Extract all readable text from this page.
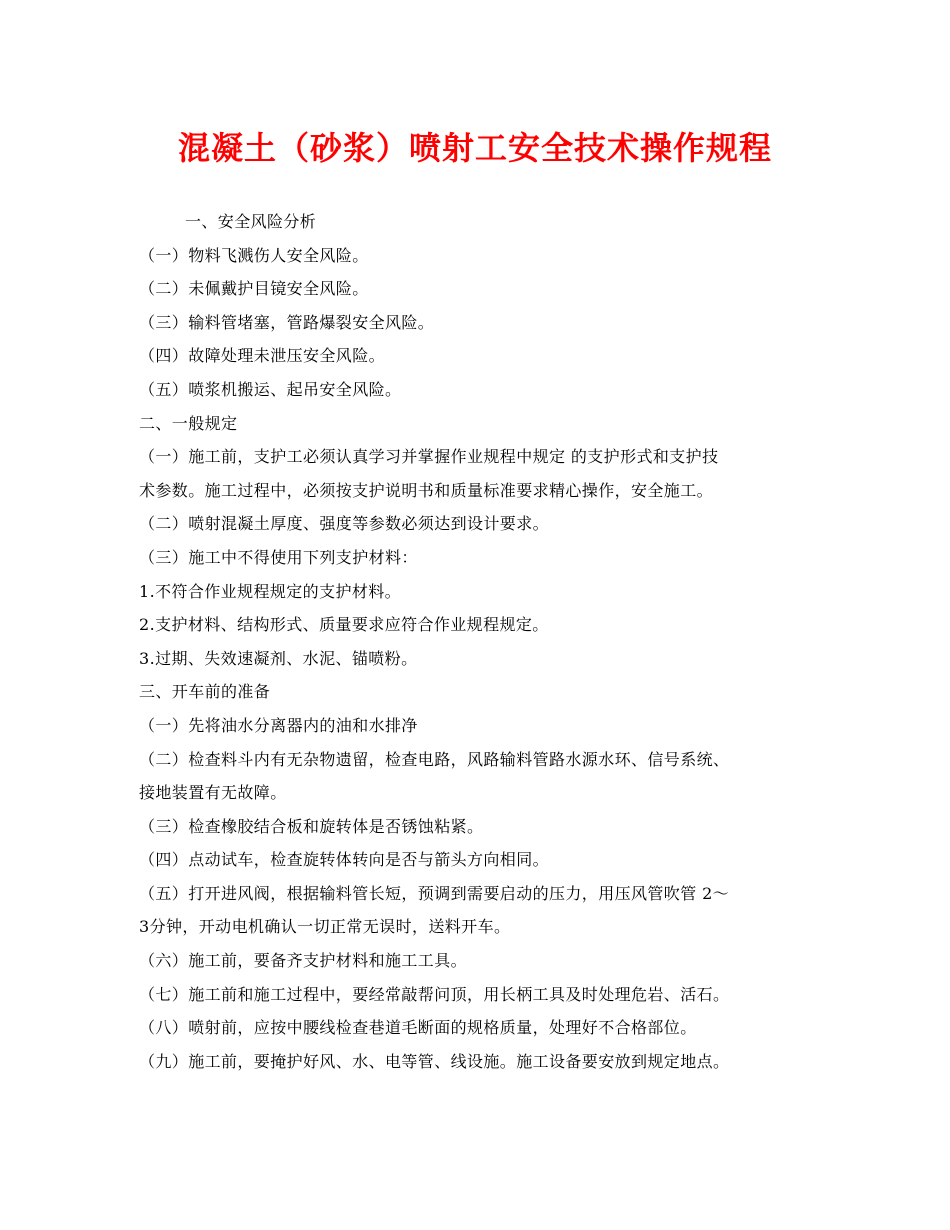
混凝土（砂浆）喷射工安全技术操作规程
一、安全风险分析
（一）物料飞溅伤人安全风险。
（二）未佩戴护目镜安全风险。
（三）输料管堵塞，管路爆裂安全风险。
（四）故障处理未泄压安全风险。
（五）喷浆机搬运、起吊安全风险。
二、一般规定
（一）施工前，支护工必须认真学习并掌握作业规程中规定 的支护形式和支护技
术参数。施工过程中，必须按支护说明书和质量标准要求精心操作，安全施工。
（二）喷射混凝土厚度、强度等参数必须达到设计要求。
（三）施工中不得使用下列支护材料：
1.不符合作业规程规定的支护材料。
2.支护材料、结构形式、质量要求应符合作业规程规定。
3.过期、失效速凝剂、水泥、锚喷粉。
三、开车前的准备
（一）先将油水分离器内的油和水排净
（二）检查料斗内有无杂物遗留，检查电路，风路输料管路水源水环、信号系统、
接地装置有无故障。
（三）检查橡胶结合板和旋转体是否锈蚀粘紧。
（四）点动试车，检查旋转体转向是否与箭头方向相同。
（五）打开进风阀，根据输料管长短，预调到需要启动的压力，用压风管吹管 2～
3分钟，开动电机确认一切正常无误时，送料开车。
（六）施工前，要备齐支护材料和施工工具。
（七）施工前和施工过程中，要经常敲帮问顶，用长柄工具及时处理危岩、活石。
（八）喷射前，应按中腰线检查巷道毛断面的规格质量，处理好不合格部位。
（九）施工前，要掩护好风、水、电等管、线设施。施工设备要安放到规定地点。
